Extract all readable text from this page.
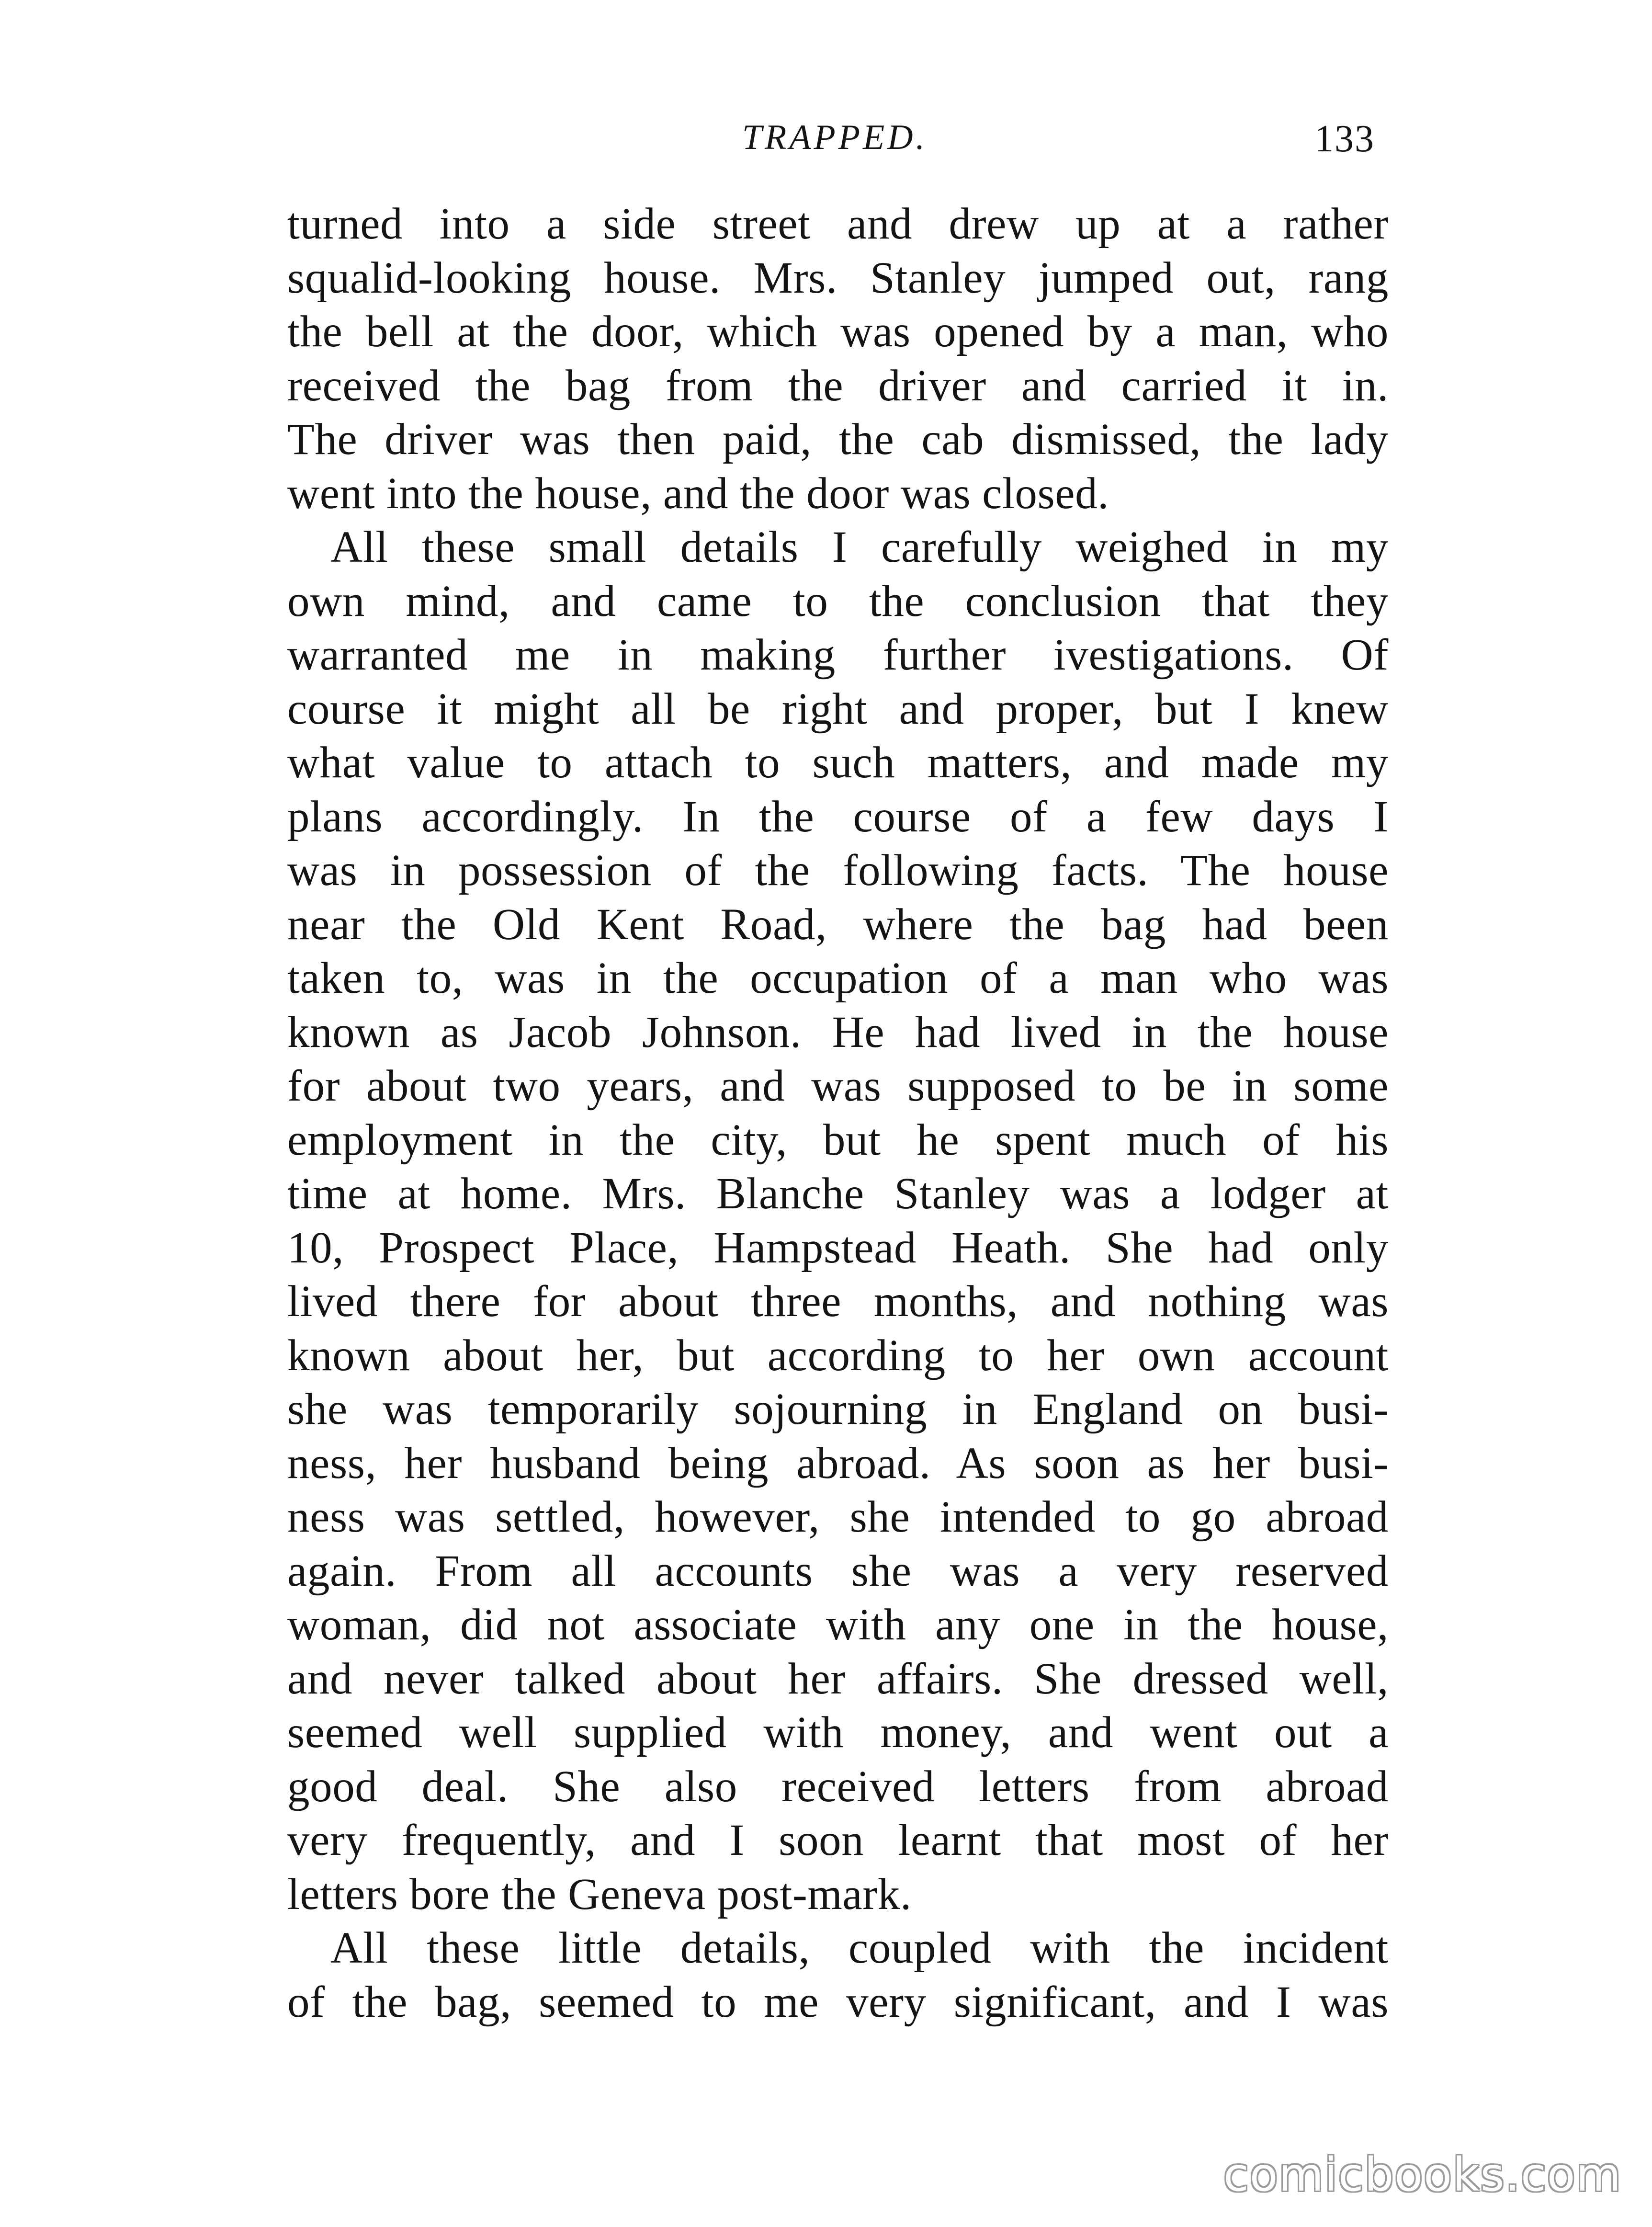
TRAPPED.	133
turned into a side street and drew up at a rather
squalid-looking house. Mrs. Stanley jumped out, rang
the bell at the door, which was opened by a man, who
received the bag from the driver and carried it in.
The driver was then paid, the cab dismissed, the lady
went into the house, and the door was closed.
All these small details I carefully weighed in my
own mind, and came to the conclusion that they
warranted me in making further ivestigations. Of
course it might all be right and proper, but I knew
what value to attach to such matters, and made my
plans accordingly. In the course of a few days I
was in possession of the following facts. The house
near the Old Kent Road, where the bag had been
taken to, was in the occupation of a man who was
known as Jacob Johnson. He had lived in the house
for about two years, and was supposed to be in some
employment in the city, but he spent much of his
time at home. Mrs. Blanche Stanley was a lodger at
10, Prospect Place, Hampstead Heath. She had only
lived there for about three months, and nothing was
known about her, but according to her own account
she was temporarily sojourning in England on busi-
ness, her husband being abroad. As soon as her busi-
ness was settled, however, she intended to go abroad
again. From all accounts she was a very reserved
woman, did not associate with any one in the house,
and never talked about her affairs. She dressed well,
seemed well supplied with money, and went out a
good deal. She also received letters from abroad
very frequently, and I soon learnt that most of her
letters bore the Geneva post-mark.
All these little details, coupled with the incident
of the bag, seemed to me very significant, and I was
comicbooks.com
